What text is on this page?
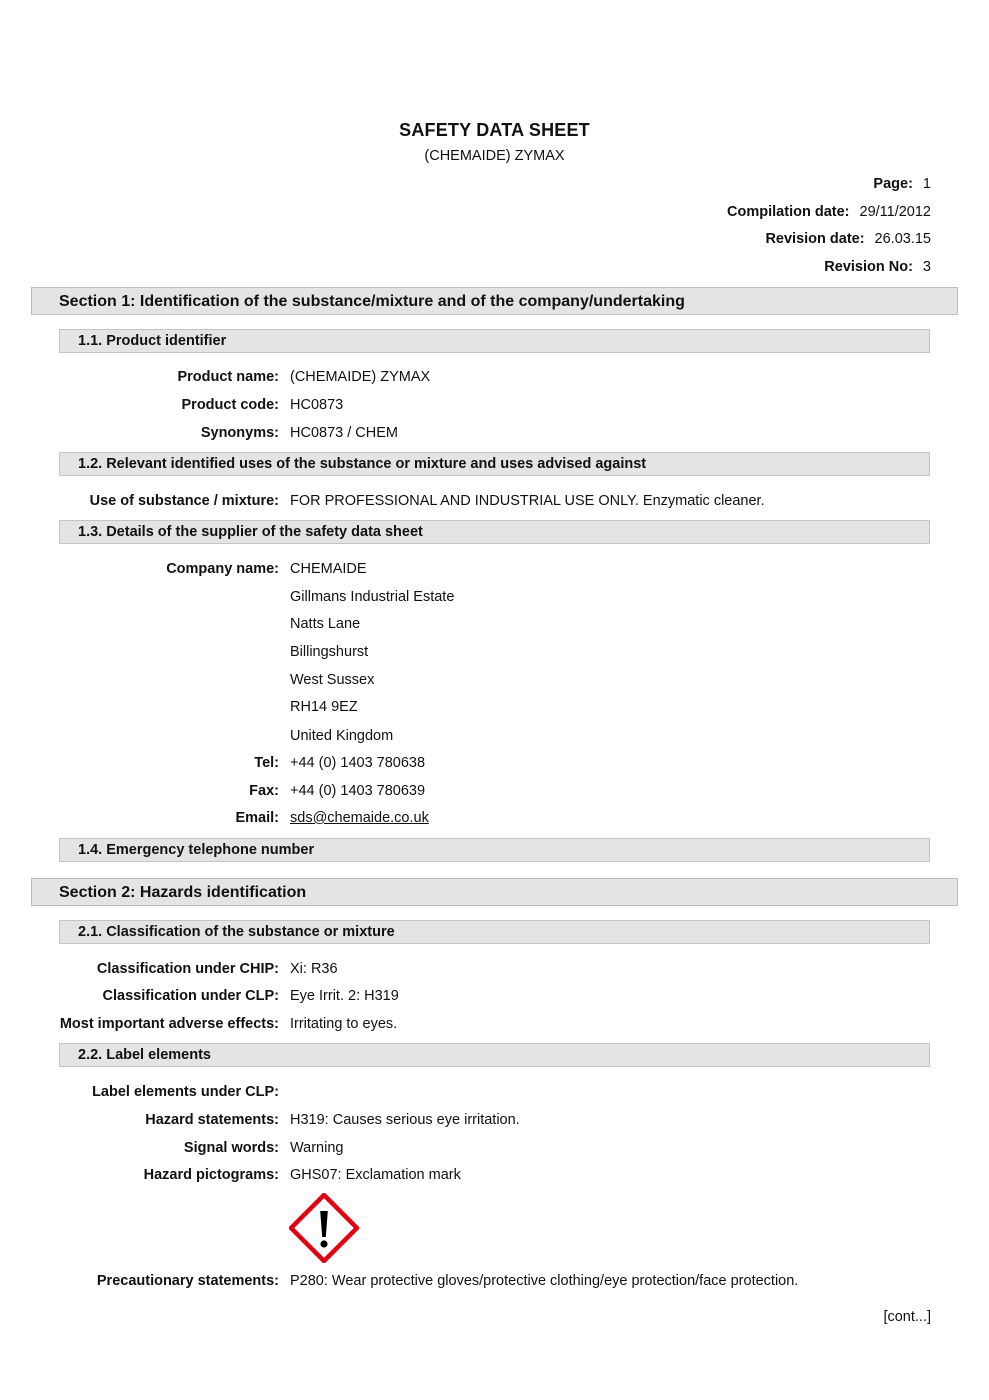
SAFETY DATA SHEET
(CHEMAIDE) ZYMAX
Page: 1
Compilation date: 29/11/2012
Revision date: 26.03.15
Revision No: 3
Section 1: Identification of the substance/mixture and of the company/undertaking
1.1. Product identifier
Product name: (CHEMAIDE) ZYMAX
Product code: HC0873
Synonyms: HC0873 / CHEM
1.2. Relevant identified uses of the substance or mixture and uses advised against
Use of substance / mixture: FOR PROFESSIONAL AND INDUSTRIAL USE ONLY. Enzymatic cleaner.
1.3. Details of the supplier of the safety data sheet
Company name: CHEMAIDE
Gillmans Industrial Estate
Natts Lane
Billingshurst
West Sussex
RH14 9EZ
United Kingdom
Tel: +44 (0) 1403 780638
Fax: +44 (0) 1403 780639
Email: sds@chemaide.co.uk
1.4. Emergency telephone number
Section 2: Hazards identification
2.1. Classification of the substance or mixture
Classification under CHIP: Xi: R36
Classification under CLP: Eye Irrit. 2: H319
Most important adverse effects: Irritating to eyes.
2.2. Label elements
Label elements under CLP:
Hazard statements: H319: Causes serious eye irritation.
Signal words: Warning
Hazard pictograms: GHS07: Exclamation mark
Precautionary statements: P280: Wear protective gloves/protective clothing/eye protection/face protection.
[cont...]
